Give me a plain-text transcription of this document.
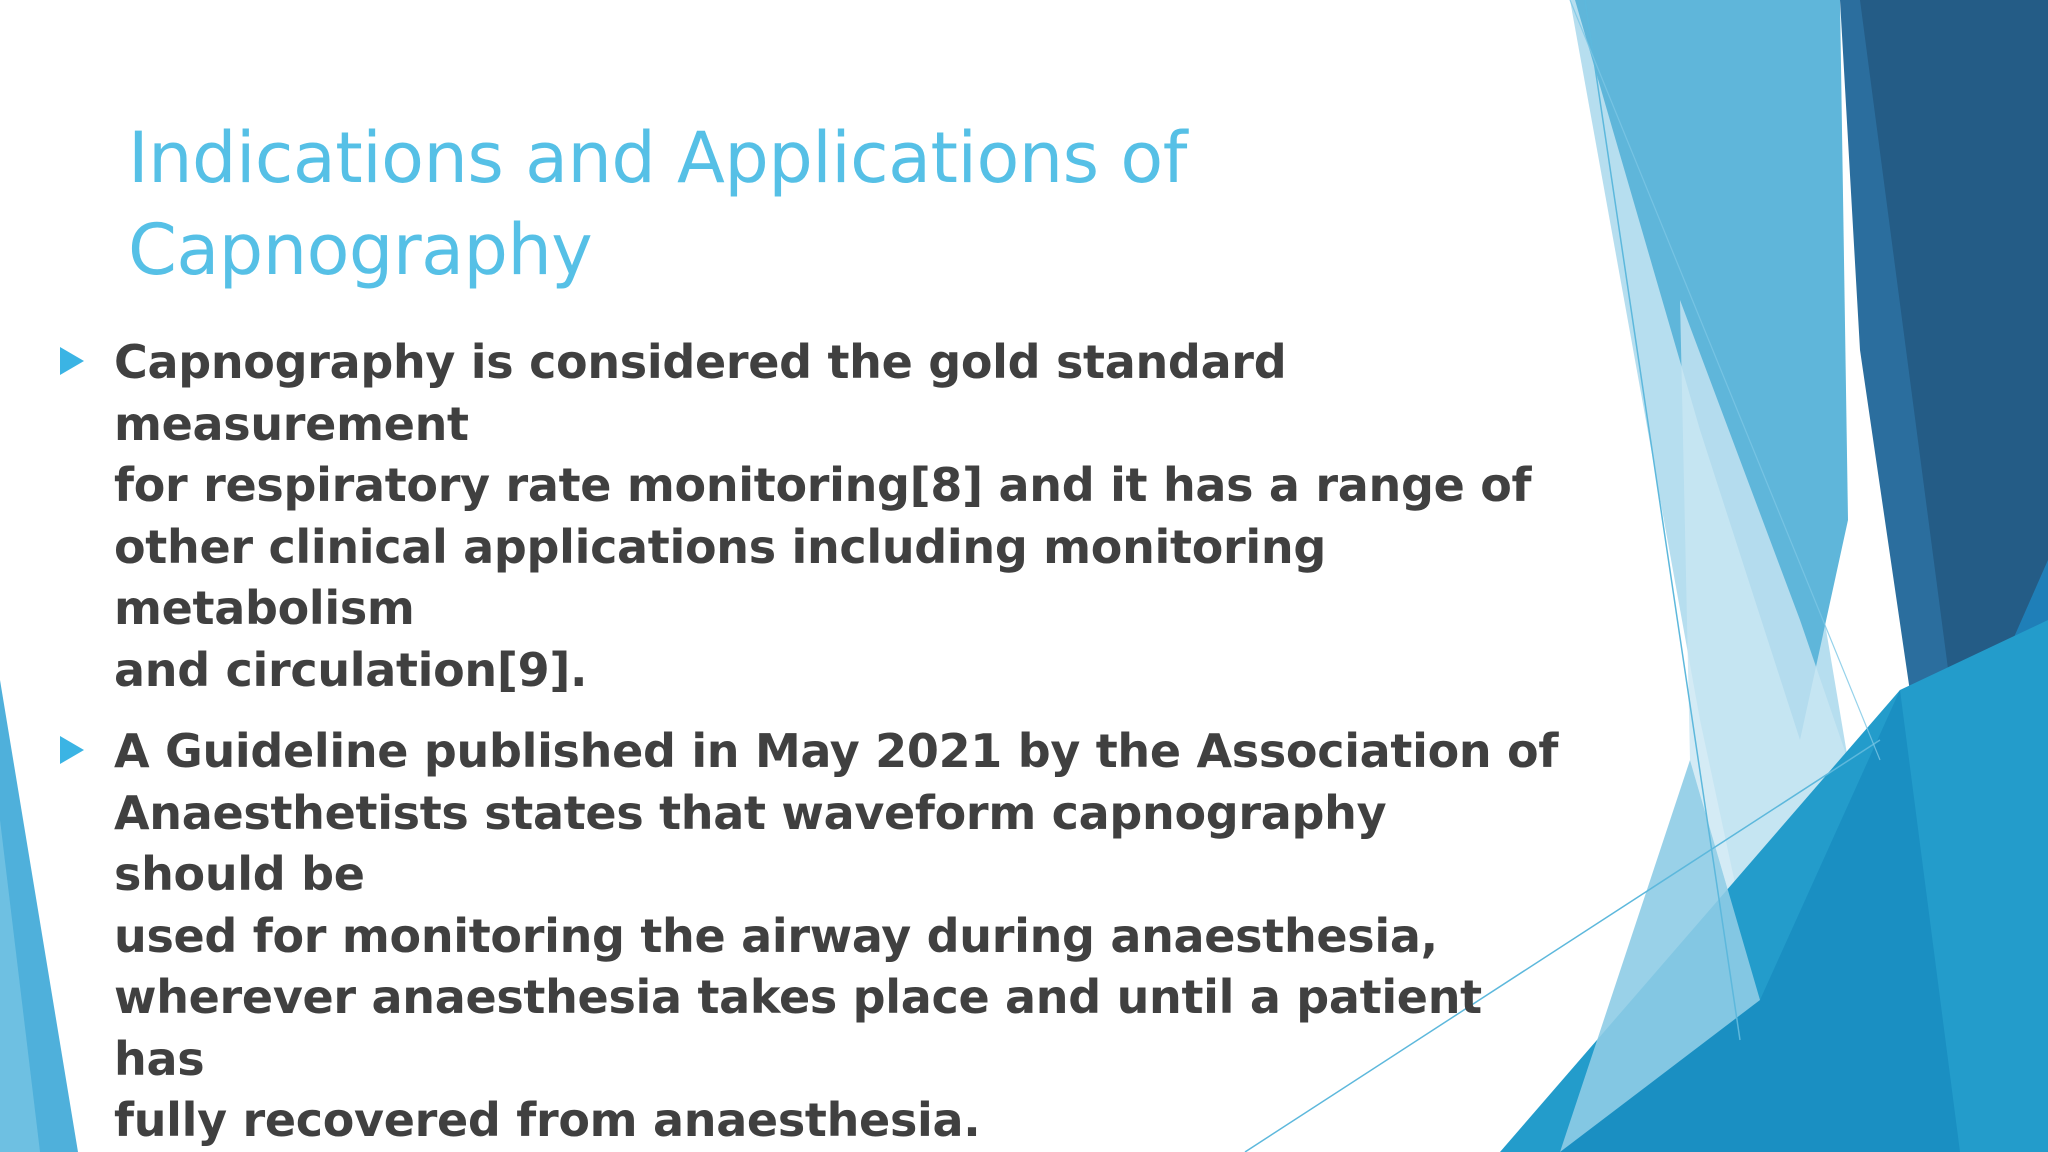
Indications and Applications of
Capnography
Capnography is considered the gold standard measurement
for respiratory rate monitoring[8] and it has a range of
other clinical applications including monitoring metabolism
and circulation[9].
A Guideline published in May 2021 by the Association of
Anaesthetists states that waveform capnography should be
used for monitoring the airway during anaesthesia,
wherever anaesthesia takes place and until a patient has
fully recovered from anaesthesia.
